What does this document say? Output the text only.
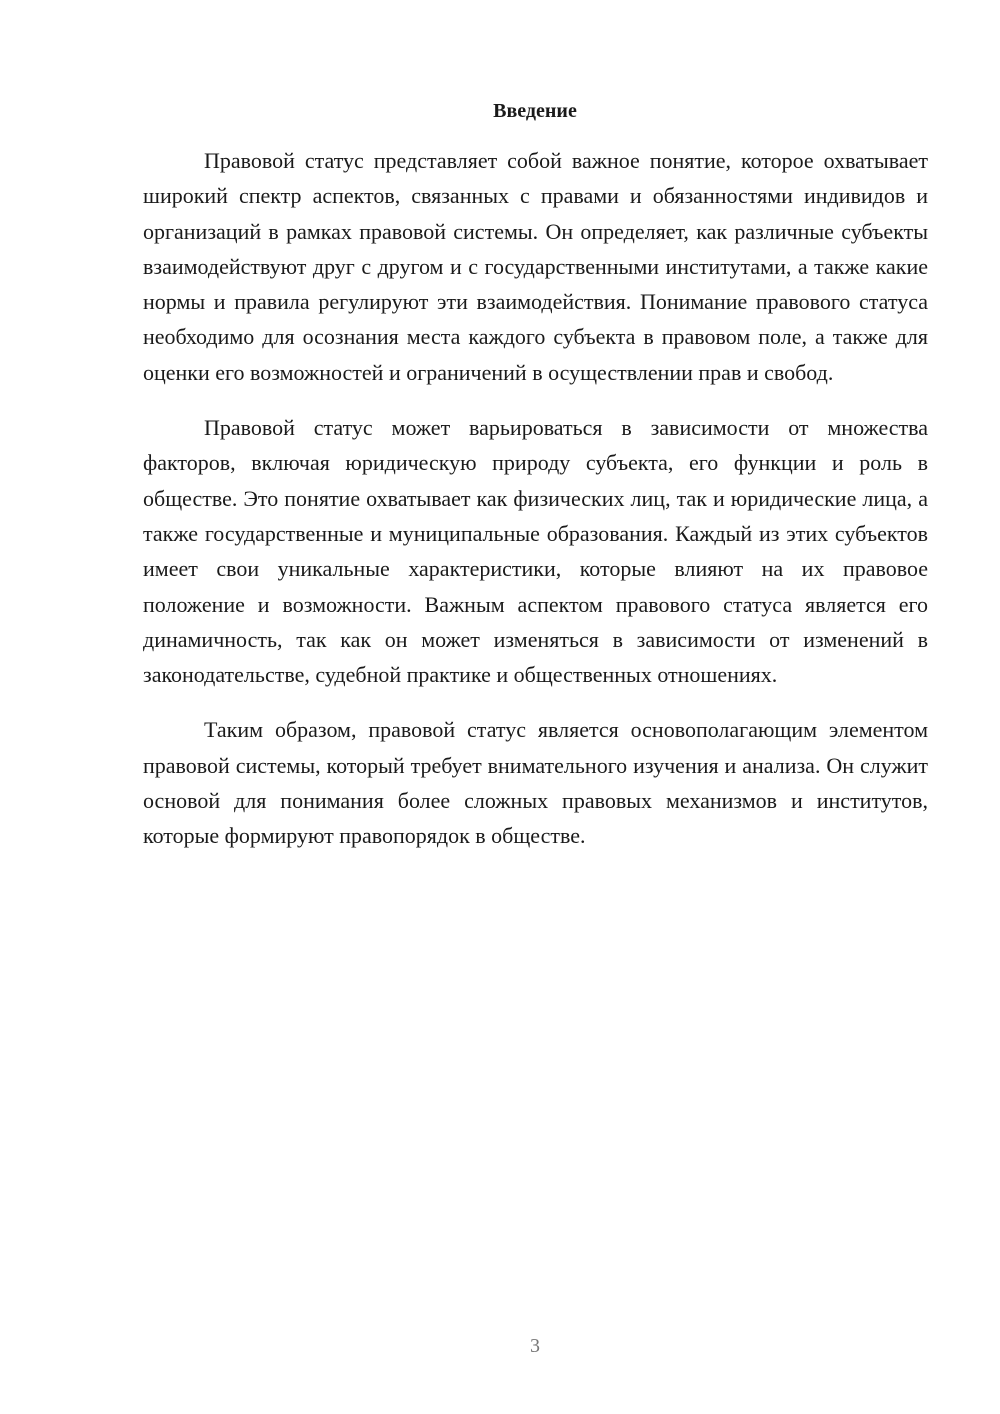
Введение

Правовой статус представляет собой важное понятие, которое охватывает широкий спектр аспектов, связанных с правами и обязанностями индивидов и организаций в рамках правовой системы. Он определяет, как различные субъекты взаимодействуют друг с другом и с государственными институтами, а также какие нормы и правила регулируют эти взаимодействия. Понимание правового статуса необходимо для осознания места каждого субъекта в правовом поле, а также для оценки его возможностей и ограничений в осуществлении прав и свобод.

Правовой статус может варьироваться в зависимости от множества факторов, включая юридическую природу субъекта, его функции и роль в обществе. Это понятие охватывает как физических лиц, так и юридические лица, а также государственные и муниципальные образования. Каждый из этих субъектов имеет свои уникальные характеристики, которые влияют на их правовое положение и возможности. Важным аспектом правового статуса является его динамичность, так как он может изменяться в зависимости от изменений в законодательстве, судебной практике и общественных отношениях.

Таким образом, правовой статус является основополагающим элементом правовой системы, который требует внимательного изучения и анализа. Он служит основой для понимания более сложных правовых механизмов и институтов, которые формируют правопорядок в обществе.

3
